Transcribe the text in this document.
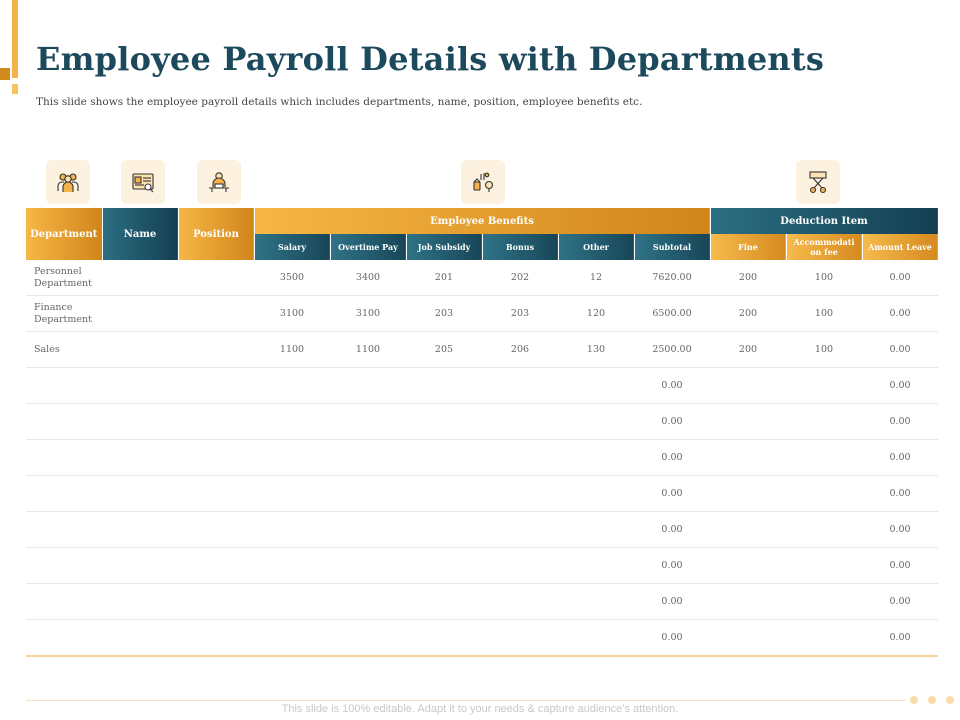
Employee Payroll Details with Departments
This slide shows the employee payroll details which includes departments, name, position, employee benefits etc.
Department	Name	Position	Employee Benefits						Deduction Item		
			Salary	Overtime Pay	Job Subsidy	Bonus	Other	Subtotal	Fine	Accommodati on fee	Amount Leave
Personnel Department			3500	3400	201	202	12	7620.00	200	100	0.00
Finance Department			3100	3100	203	203	120	6500.00	200	100	0.00
Sales			1100	1100	205	206	130	2500.00	200	100	0.00
								0.00			0.00
								0.00			0.00
								0.00			0.00
								0.00			0.00
								0.00			0.00
								0.00			0.00
								0.00			0.00
								0.00			0.00
This slide is 100% editable. Adapt it to your needs & capture audience’s attention.
